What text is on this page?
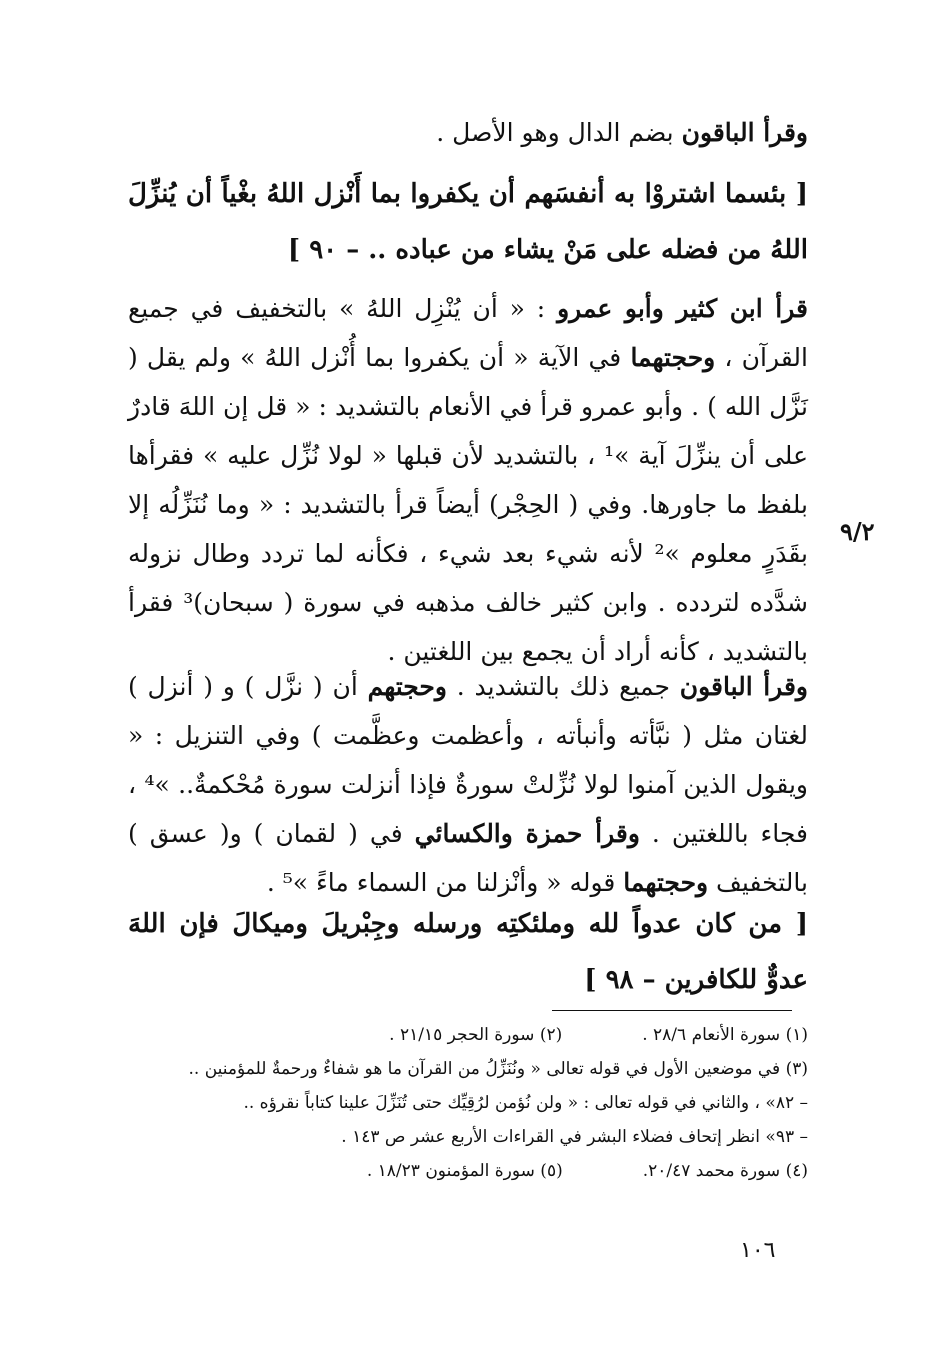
٩/٢

وقرأ الباقون بضم الدال وهو الأصل .

[ بئسما اشتروْا به أنفسَهم أن يكفروا بما أَنْزل اللهُ بغْياً أن يُنزِّلَ اللهُ من فضله على مَنْ يشاء من عباده .. – ٩٠ ]

قرأ ابن كثير وأبو عمرو : « أن يُنْزِل اللهُ » بالتخفيف في جميع القرآن ، وحجتهما في الآية « أن يكفروا بما أُنْزل اللهُ » ولم يقل ( نَزَّل الله ) . وأبو عمرو قرأ في الأنعام بالتشديد : « قل إن اللهَ قادرٌ على أن ينزِّلَ آية »¹ ، بالتشديد لأن قبلها « لولا نُزِّل عليه » فقرأها بلفظ ما جاورها. وفي ( الحِجْر) أيضاً قرأ بالتشديد : « وما نُنَزِّلُه إلا بقَدَرٍ معلوم »² لأنه شيء بعد شيء ، فكأنه لما تردد وطال نزوله شدَّده لتردده . وابن كثير خالف مذهبه في سورة ( سبحان)³ فقرأ بالتشديد ، كأنه أراد أن يجمع بين اللغتين .

وقرأ الباقون جميع ذلك بالتشديد . وحجتهم أن ( نزَّل ) و ( أنزل ) لغتان مثل ( نبَّأته وأنبأته ، وأعظمت وعظَّمت ) وفي التنزيل : « ويقول الذين آمنوا لولا نُزِّلتْ سورةٌ فإذا أنزلت سورة مُحْكمةٌ.. »⁴ ، فجاء باللغتين . وقرأ حمزة والكسائي في ( لقمان ) و( عسق ) بالتخفيف وحجتهما قوله « وأنْزلنا من السماء ماءً »⁵ .

[ من كان عدواً لله وملئكتِه ورسله وجِبْريلَ وميكالَ فإن اللهَ عدوٌّ للكافرين – ٩٨ ]

(١) سورة الأنعام ٢٨/٦ .(٢) سورة الحجر ٢١/١٥ .
(٣) في موضعين الأول في قوله تعالى « ونُنَزِّلُ من القرآن ما هو شفاءٌ ورحمةٌ للمؤمنين ..
– ٨٢» ، والثاني في قوله تعالى : « ولن نُؤمن لرُقِيِّك حتى تُنَزِّلَ علينا كتاباً نقرؤه ..
– ٩٣» انظر إتحاف فضلاء البشر في القراءات الأربع عشر ص ١٤٣ .
(٤) سورة محمد ٢٠/٤٧.(٥) سورة المؤمنون ١٨/٢٣ .
١٠٦
